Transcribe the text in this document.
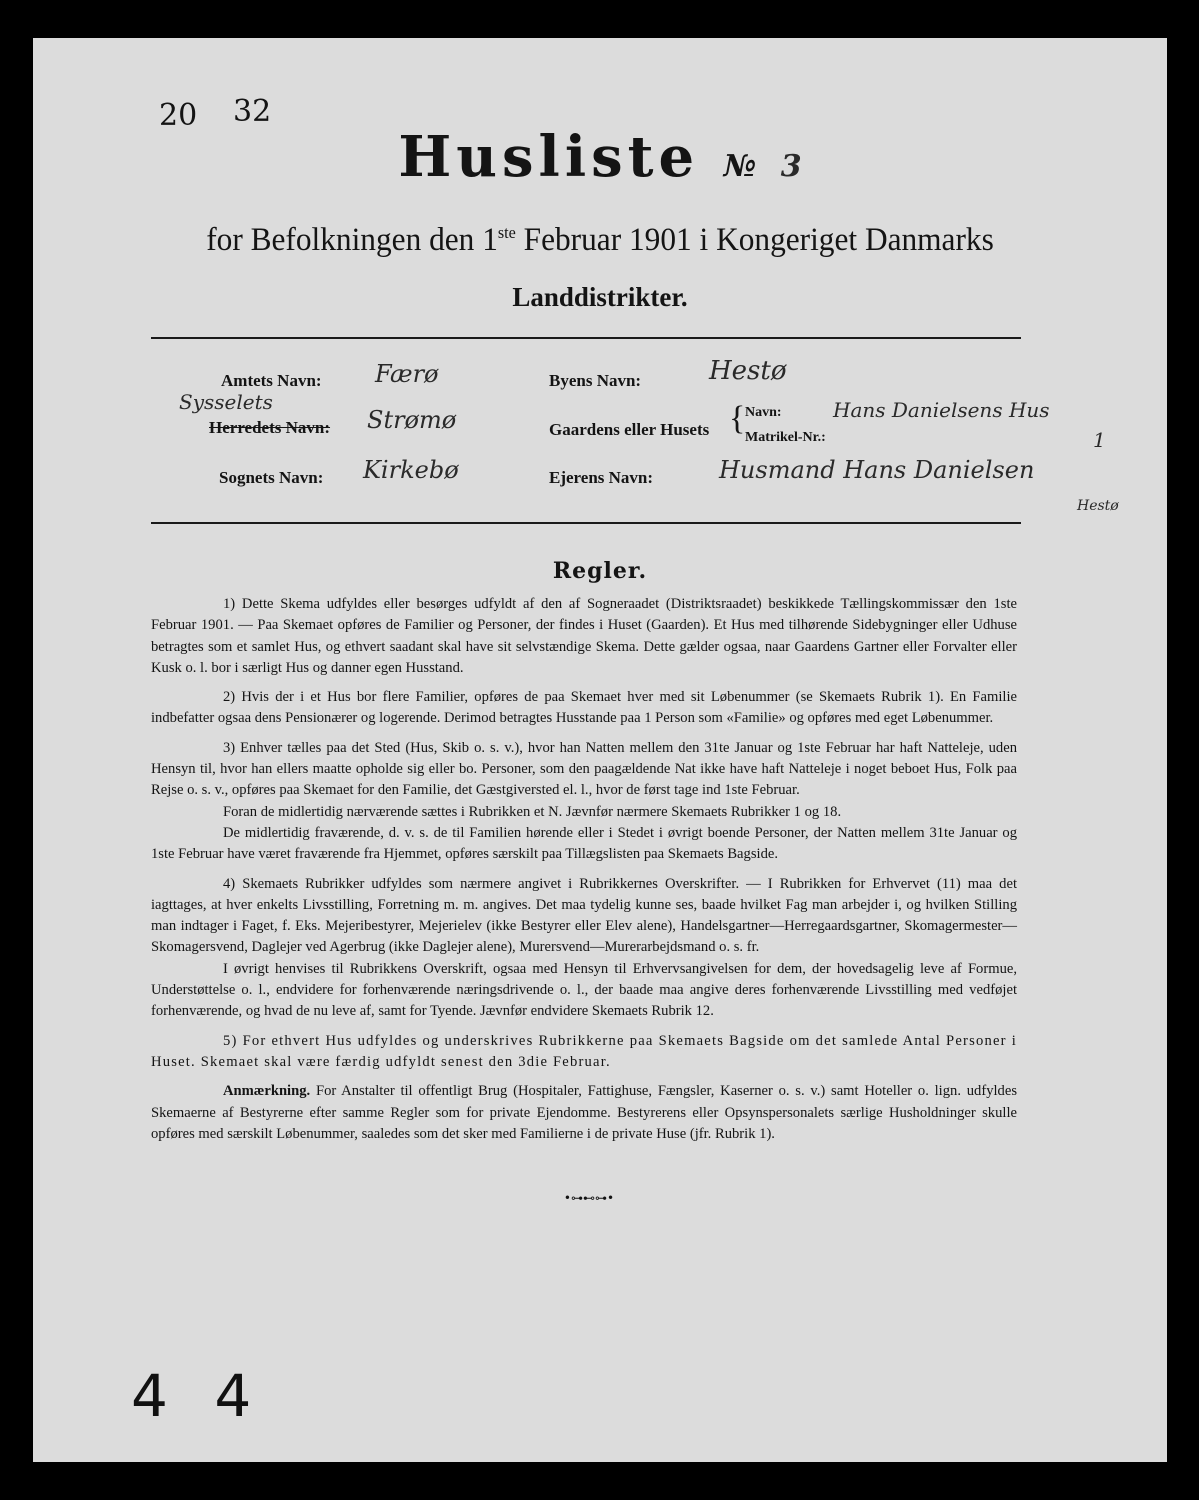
20 32
Husliste № 3
for Befolkningen den 1ste Februar 1901 i Kongeriget Danmarks
Landdistrikter.
Amtets Navn: Færø
Sysselets
Herredets Navn: Strømø
Sognets Navn: Kirkebø
Byens Navn:	Hestø
Gaardens eller Husets { Navn:
Matrikel-Nr.:
Hans Danielsens Hus
1
Ejerens Navn:	Husmand Hans Danielsen
Hestø
Regler.

1) Dette Skema udfyldes eller besørges udfyldt af den af Sogneraadet (Distriktsraadet) beskikkede Tællingskommissær den 1ste Februar 1901. — Paa Skemaet opføres de Familier og Personer, der findes i Huset (Gaarden). Et Hus med tilhørende Sidebygninger eller Udhuse betragtes som et samlet Hus, og ethvert saadant skal have sit selvstændige Skema. Dette gælder ogsaa, naar Gaardens Gartner eller Forvalter eller Kusk o. l. bor i særligt Hus og danner egen Husstand.

2) Hvis der i et Hus bor flere Familier, opføres de paa Skemaet hver med sit Løbenummer (se Skemaets Rubrik 1). En Familie indbefatter ogsaa dens Pensionærer og logerende. Derimod betragtes Husstande paa 1 Person som «Familie» og opføres med eget Løbenummer.

3) Enhver tælles paa det Sted (Hus, Skib o. s. v.), hvor han Natten mellem den 31te Januar og 1ste Februar har haft Natteleje, uden Hensyn til, hvor han ellers maatte opholde sig eller bo. Personer, som den paagældende Nat ikke have haft Natteleje i noget beboet Hus, Folk paa Rejse o. s. v., opføres paa Skemaet for den Familie, det Gæstgiversted el. l., hvor de først tage ind 1ste Februar.

Foran de midlertidig nærværende sættes i Rubrikken et N. Jævnfør nærmere Skemaets Rubrikker 1 og 18.

De midlertidig fraværende, d. v. s. de til Familien hørende eller i Stedet i øvrigt boende Personer, der Natten mellem 31te Januar og 1ste Februar have været fraværende fra Hjemmet, opføres særskilt paa Tillægslisten paa Skemaets Bagside.

4) Skemaets Rubrikker udfyldes som nærmere angivet i Rubrikkernes Overskrifter. — I Rubrikken for Erhvervet (11) maa det iagttages, at hver enkelts Livsstilling, Forretning m. m. angives. Det maa tydelig kunne ses, baade hvilket Fag man arbejder i, og hvilken Stilling man indtager i Faget, f. Eks. Mejeribestyrer, Mejerielev (ikke Bestyrer eller Elev alene), Handelsgartner—Herregaardsgartner, Skomagermester—Skomagersvend, Daglejer ved Agerbrug (ikke Daglejer alene), Murersvend—Murerarbejdsmand o. s. fr.

I øvrigt henvises til Rubrikkens Overskrift, ogsaa med Hensyn til Erhvervsangivelsen for dem, der hovedsagelig leve af Formue, Understøttelse o. l., endvidere for forhenværende næringsdrivende o. l., der baade maa angive deres forhenværende Livsstilling med vedføjet forhenværende, og hvad de nu leve af, samt for Tyende. Jævnfør endvidere Skemaets Rubrik 12.

5) For ethvert Hus udfyldes og underskrives Rubrikkerne paa Skemaets Bagside om det samlede Antal Personer i Huset. Skemaet skal være færdig udfyldt senest den 3die Februar.

Anmærkning. For Anstalter til offentligt Brug (Hospitaler, Fattighuse, Fængsler, Kaserner o. s. v.) samt Hoteller o. lign. udfyldes Skemaerne af Bestyrerne efter samme Regler som for private Ejendomme. Bestyrerens eller Opsynspersonalets særlige Husholdninger skulle opføres med særskilt Løbenummer, saaledes som det sker med Familierne i de private Huse (jfr. Rubrik 1).

•⊶⊷⊶•
4 4
